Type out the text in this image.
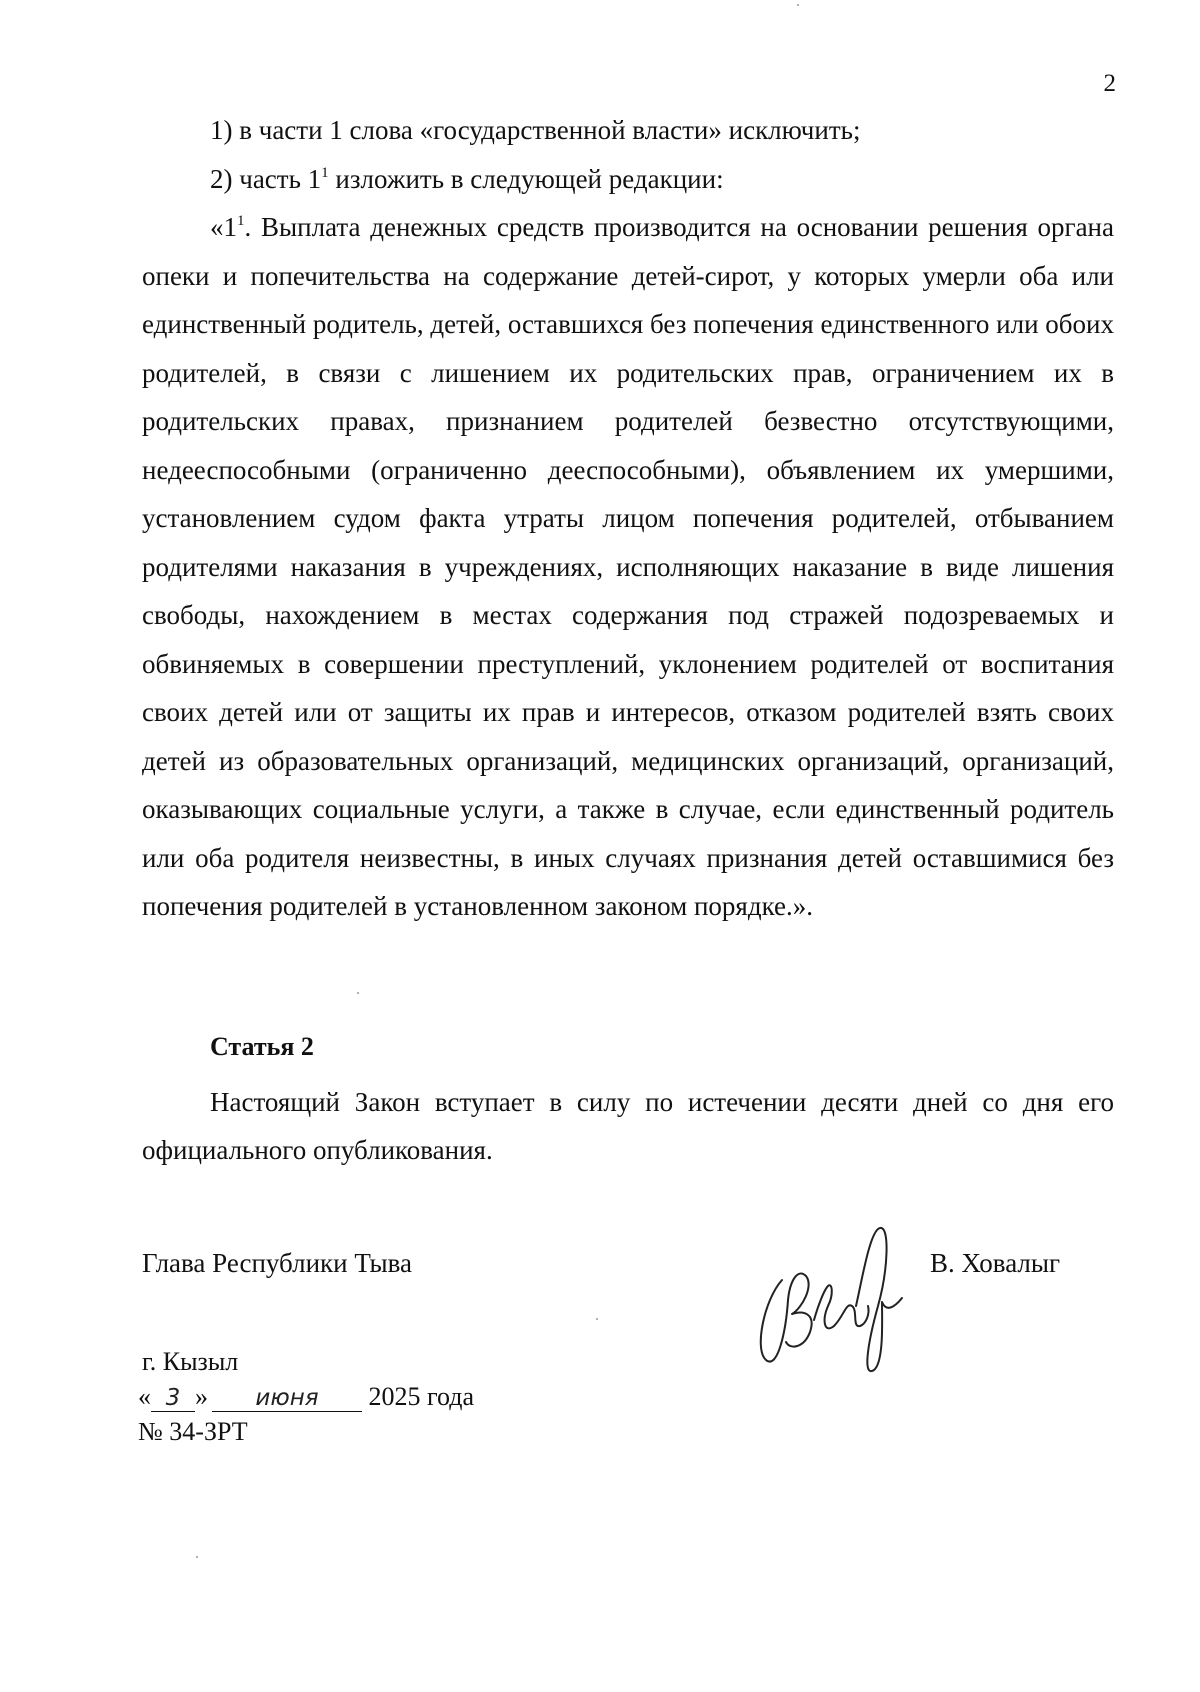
2

1) в части 1 слова «государственной власти» исключить;

2) часть $1^1$ изложить в следующей редакции:

«$1^1$. Выплата денежных средств производится на основании решения органа опеки и попечительства на содержание детей-сирот, у которых умерли оба или единственный родитель, детей, оставшихся без попечения единственного или обоих родителей, в связи с лишением их родительских прав, ограничением их в родительских правах, признанием родителей безвестно отсутствующими, недееспособными (ограниченно дееспособными), объявлением их умершими, установлением судом факта утраты лицом попечения родителей, отбыванием родителями наказания в учреждениях, исполняющих наказание в виде лишения свободы, нахождением в местах содержания под стражей подозреваемых и обвиняемых в совершении преступлений, уклонением родителей от воспитания своих детей или от защиты их прав и интересов, отказом родителей взять своих детей из образовательных организаций, медицинских организаций, организаций, оказывающих социальные услуги, а также в случае, если единственный родитель или оба родителя неизвестны, в иных случаях признания детей оставшимися без попечения родителей в установленном законом порядке.».

Статья 2

Настоящий Закон вступает в силу по истечении десяти дней со дня его официального опубликования.

Глава Республики Тыва	В. Ховалыг
г. Кызыл
« 3 » июня 2025 года
№ 34-ЗРТ
